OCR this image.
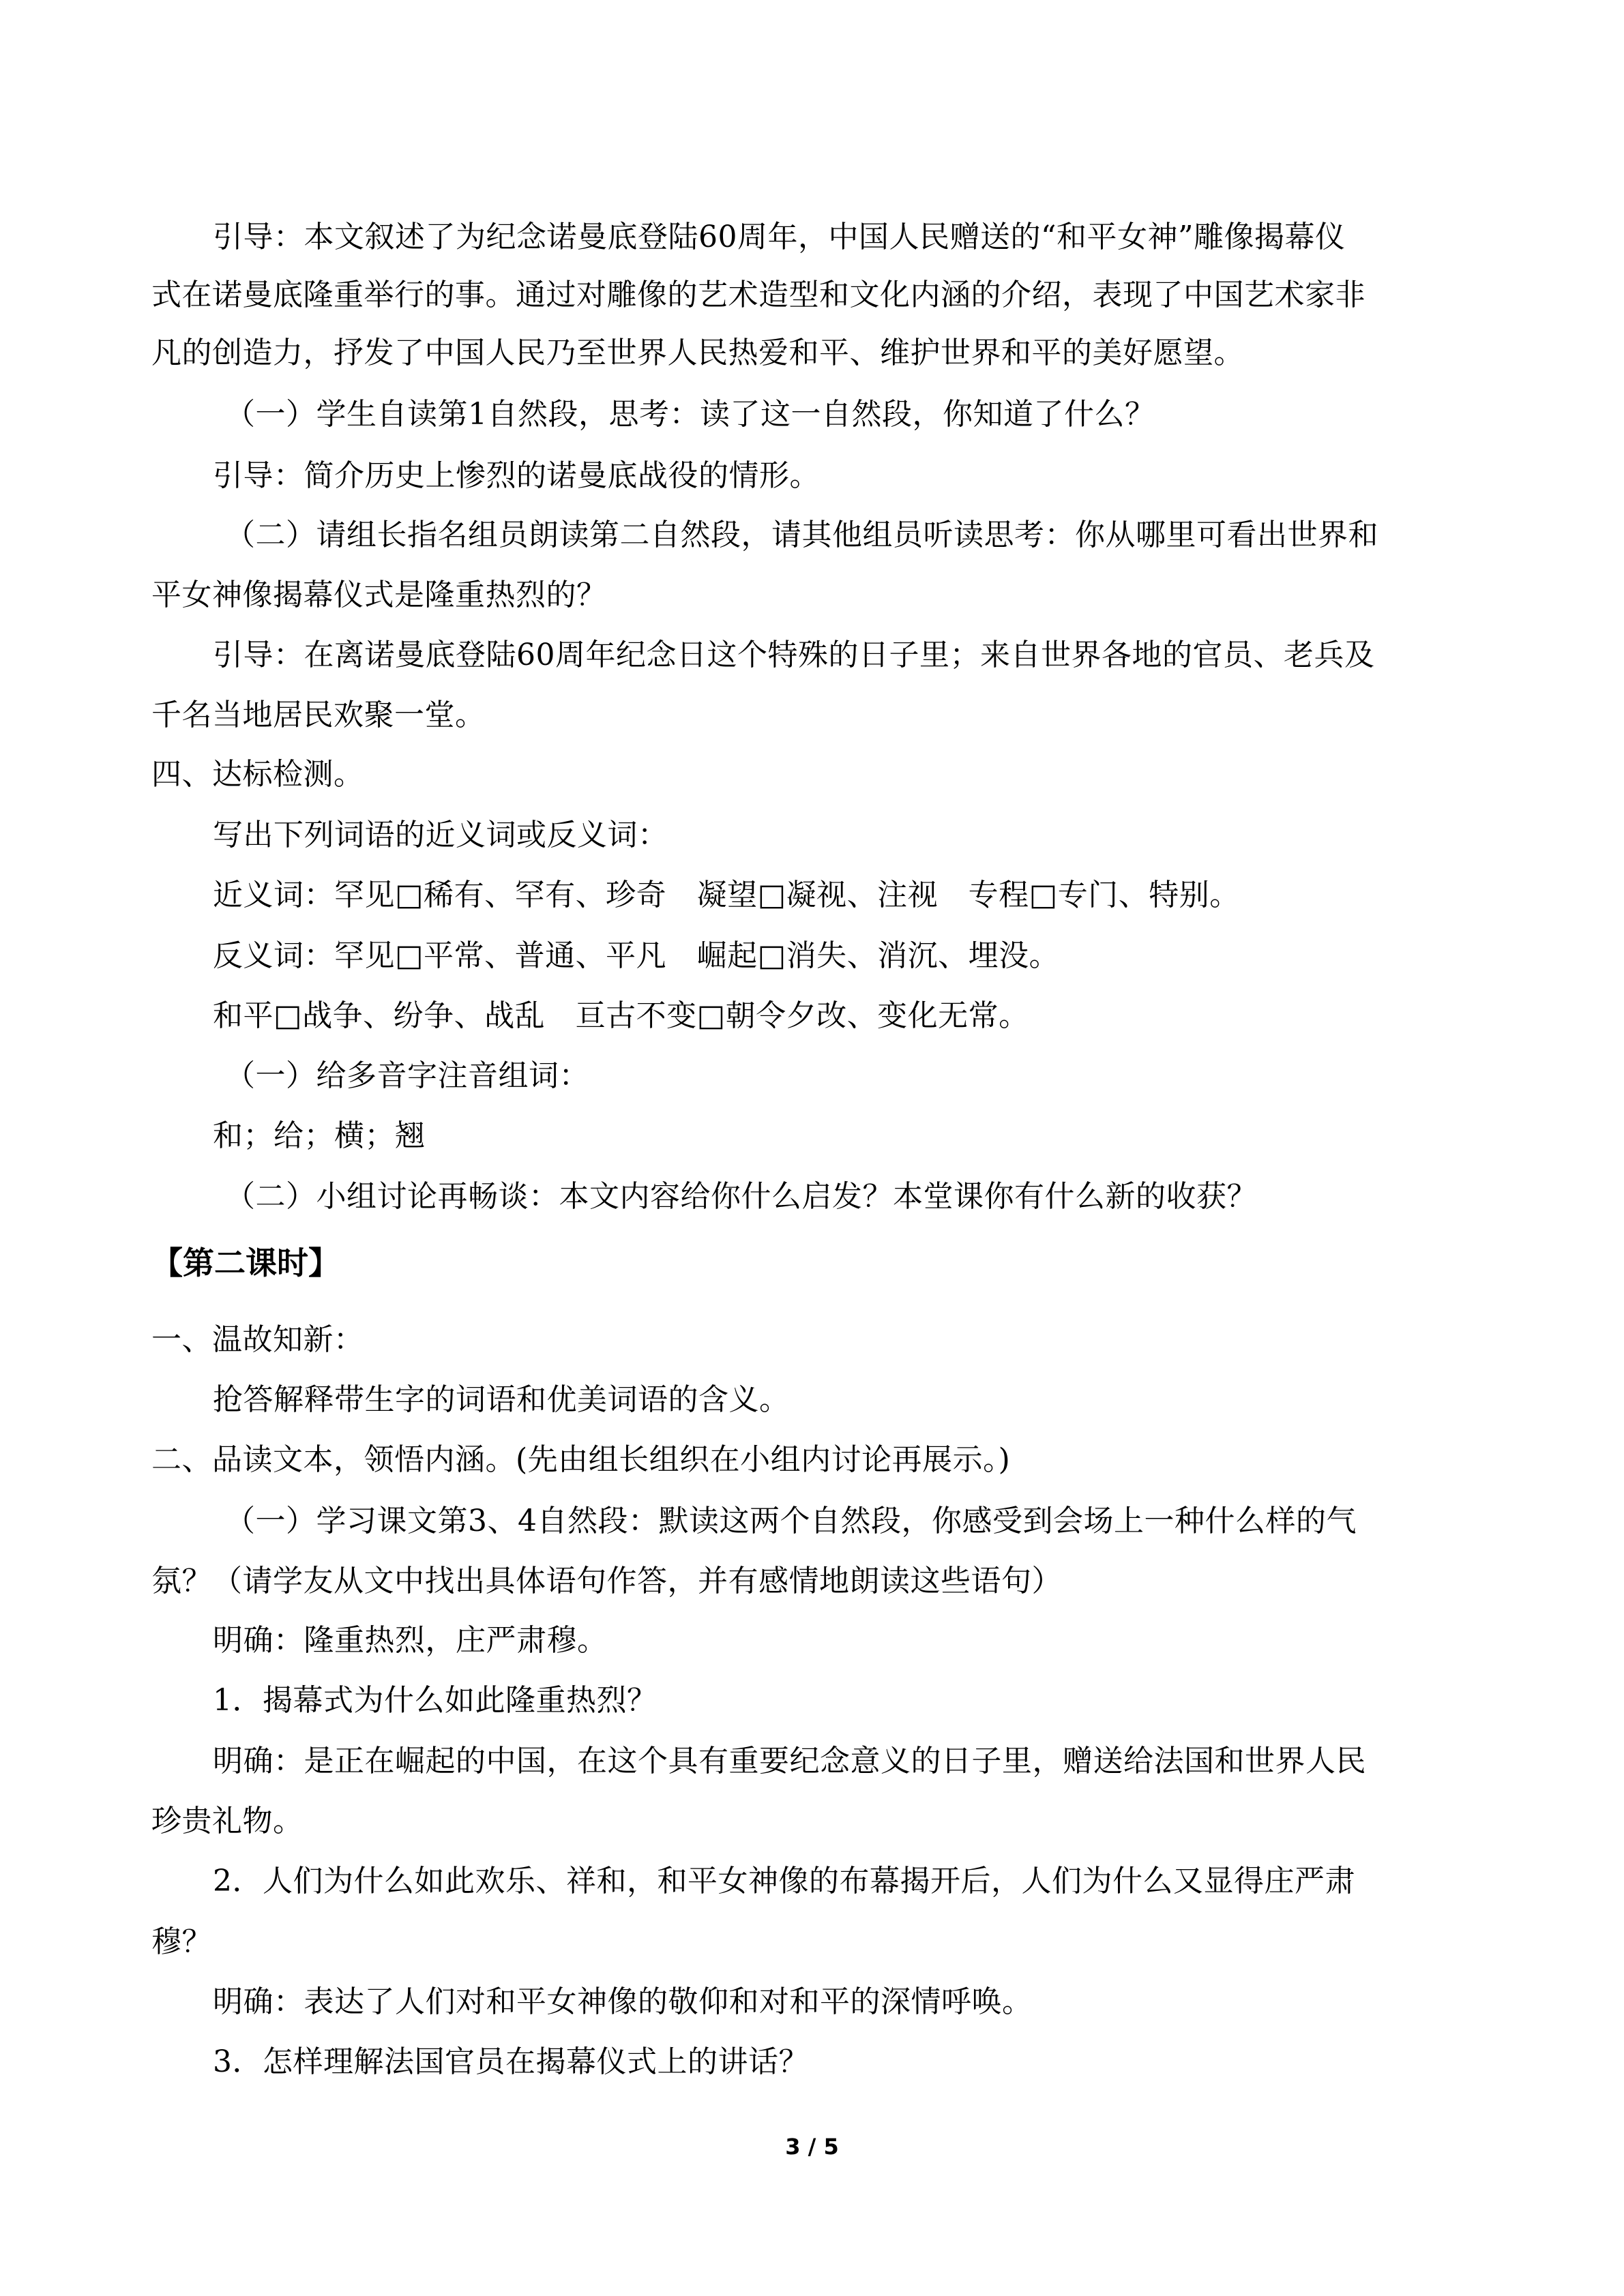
引导：本文叙述了为纪念诺曼底登陆60周年，中国人民赠送的“和平女神”雕像揭幕仪
式在诺曼底隆重举行的事。通过对雕像的艺术造型和文化内涵的介绍，表现了中国艺术家非
凡的创造力，抒发了中国人民乃至世界人民热爱和平、维护世界和平的美好愿望。
（一）学生自读第1自然段，思考：读了这一自然段，你知道了什么？
引导：简介历史上惨烈的诺曼底战役的情形。
（二）请组长指名组员朗读第二自然段，请其他组员听读思考：你从哪里可看出世界和
平女神像揭幕仪式是隆重热烈的？
引导：在离诺曼底登陆60周年纪念日这个特殊的日子里；来自世界各地的官员、老兵及
千名当地居民欢聚一堂。
四、达标检测。
写出下列词语的近义词或反义词：
近义词：罕见□稀有、罕有、珍奇　凝望□凝视、注视　专程□专门、特别。
反义词：罕见□平常、普通、平凡　崛起□消失、消沉、埋没。
和平□战争、纷争、战乱　亘古不变□朝令夕改、变化无常。
（一）给多音字注音组词：
和；给；横；翘
（二）小组讨论再畅谈：本文内容给你什么启发？本堂课你有什么新的收获？
【第二课时】
一、温故知新：
抢答解释带生字的词语和优美词语的含义。
二、品读文本，领悟内涵。(先由组长组织在小组内讨论再展示。)
（一）学习课文第3、4自然段：默读这两个自然段，你感受到会场上一种什么样的气
氛？（请学友从文中找出具体语句作答，并有感情地朗读这些语句）
明确：隆重热烈，庄严肃穆。
1．揭幕式为什么如此隆重热烈？
明确：是正在崛起的中国，在这个具有重要纪念意义的日子里，赠送给法国和世界人民
珍贵礼物。
2．人们为什么如此欢乐、祥和，和平女神像的布幕揭开后，人们为什么又显得庄严肃
穆？
明确：表达了人们对和平女神像的敬仰和对和平的深情呼唤。
3．怎样理解法国官员在揭幕仪式上的讲话？
3 / 5
